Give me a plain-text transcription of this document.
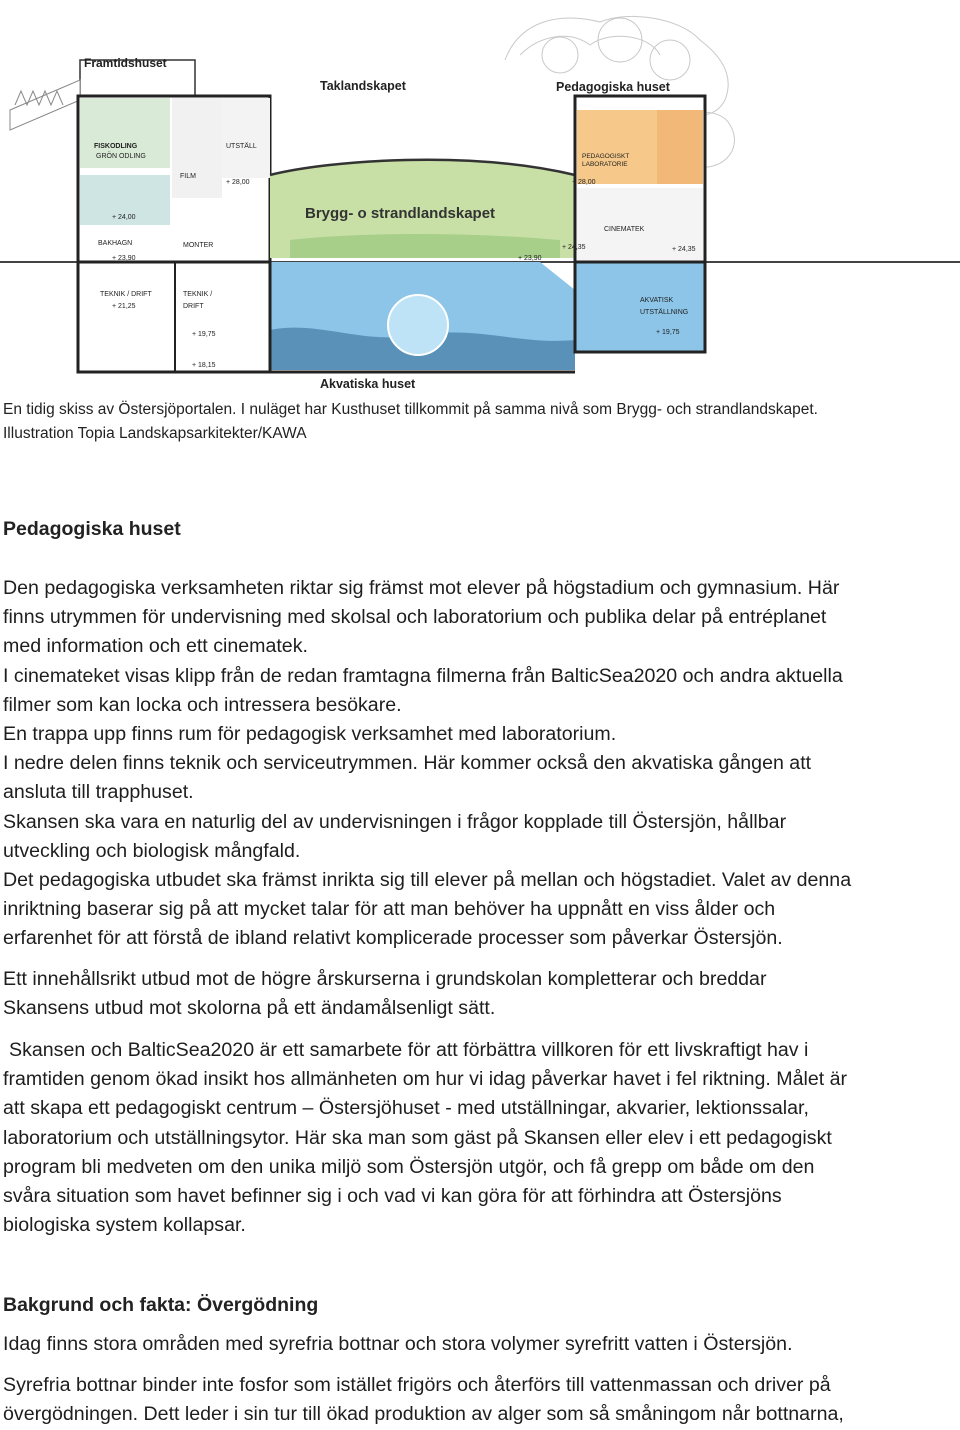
Framtidshuset
Taklandskapet	Pedagogiska huset
Brygg- o strandlandskapet
Akvatiska huset
FISKODLING
GRÖN ODLING
FILM
UTSTÄLL
PEDAGOGISKT
LABORATORIE
CINEMATEK
BAKHAGN	MONTER
TEKNIK / DRIFT	TEKNIK /
DRIFT
AKVATISK
UTSTÄLLNING
+ 28,00	+ 28,00
+ 24,00
+ 23,90	+ 23,90
+ 24,35	+ 24,35
+ 21,25
+ 19,75	+ 19,75
+ 18,15
En tidig skiss av Östersjöportalen. I nuläget har Kusthuset tillkommit på samma nivå som Brygg- och strandlandskapet.
Illustration Topia Landskapsarkitekter/KAWA
Pedagogiska huset
Den pedagogiska verksamheten riktar sig främst mot elever på högstadium och gymnasium. Här
finns utrymmen för undervisning med skolsal och laboratorium och publika delar på entréplanet
med information och ett cinematek.
I cinemateket visas klipp från de redan framtagna filmerna från BalticSea2020 och andra aktuella
filmer som kan locka och intressera besökare.
En trappa upp finns rum för pedagogisk verksamhet med laboratorium.
I nedre delen finns teknik och serviceutrymmen. Här kommer också den akvatiska gången att
ansluta till trapphuset.
Skansen ska vara en naturlig del av undervisningen i frågor kopplade till Östersjön, hållbar
utveckling och biologisk mångfald.
Det pedagogiska utbudet ska främst inrikta sig till elever på mellan och högstadiet. Valet av denna
inriktning baserar sig på att mycket talar för att man behöver ha uppnått en viss ålder och
erfarenhet för att förstå de ibland relativt komplicerade processer som påverkar Östersjön.
Ett innehållsrikt utbud mot de högre årskurserna i grundskolan kompletterar och breddar
Skansens utbud mot skolorna på ett ändamålsenligt sätt.
Skansen och BalticSea2020 är ett samarbete för att förbättra villkoren för ett livskraftigt hav i
framtiden genom ökad insikt hos allmänheten om hur vi idag påverkar havet i fel riktning. Målet är
att skapa ett pedagogiskt centrum – Östersjöhuset - med utställningar, akvarier, lektionssalar,
laboratorium och utställningsytor. Här ska man som gäst på Skansen eller elev i ett pedagogiskt
program bli medveten om den unika miljö som Östersjön utgör, och få grepp om både om den
svåra situation som havet befinner sig i och vad vi kan göra för att förhindra att Östersjöns
biologiska system kollapsar.
Bakgrund och fakta: Övergödning
Idag finns stora områden med syrefria bottnar och stora volymer syrefritt vatten i Östersjön.
Syrefria bottnar binder inte fosfor som istället frigörs och återförs till vattenmassan och driver på
övergödningen. Dett leder i sin tur till ökad produktion av alger som så småningom når bottnarna,
